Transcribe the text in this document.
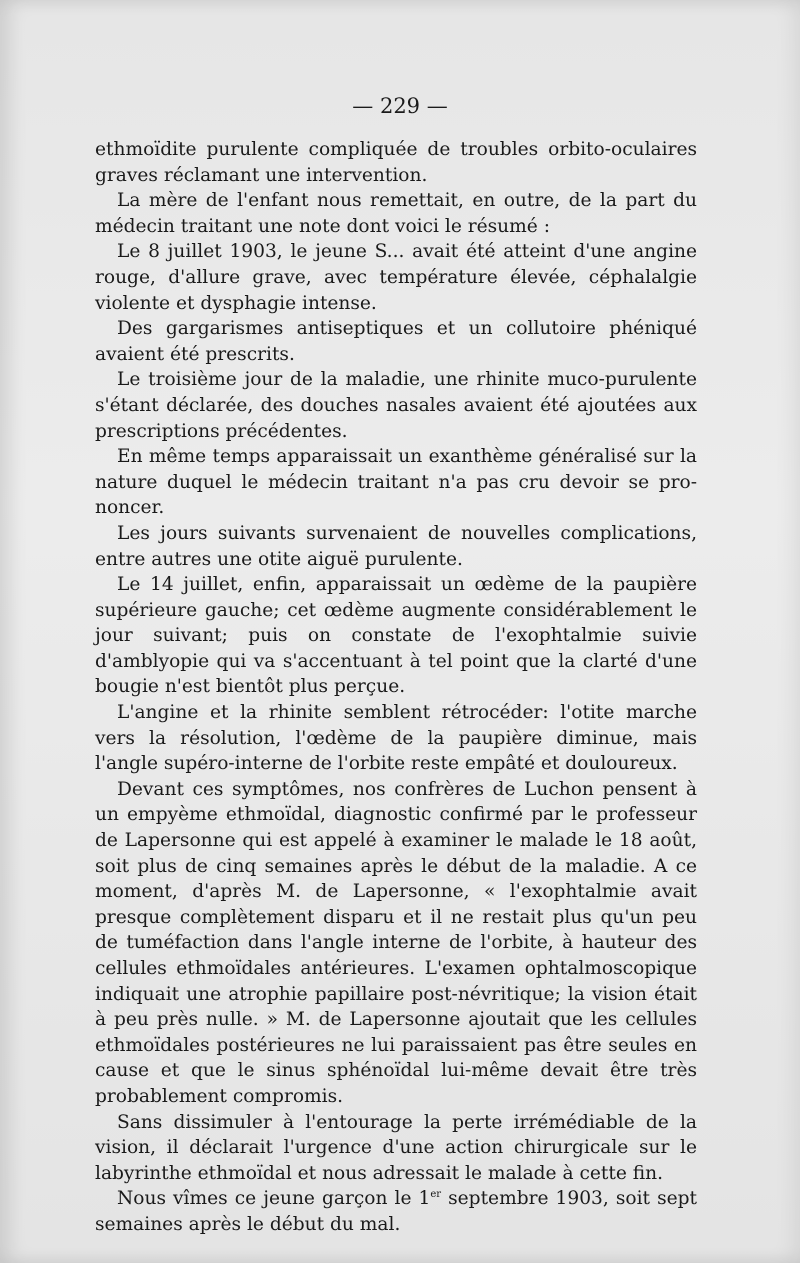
— 229 —

ethmoïdite purulente compliquée de troubles orbito-oculaires graves réclamant une intervention.

La mère de l'enfant nous remettait, en outre, de la part du médecin traitant une note dont voici le résumé :

Le 8 juillet 1903, le jeune S... avait été atteint d'une angine rouge, d'allure grave, avec température élevée, céphalalgie violente et dysphagie intense.

Des gargarismes antiseptiques et un collutoire phéniqué avaient été prescrits.

Le troisième jour de la maladie, une rhinite muco-purulente s'étant déclarée, des douches nasales avaient été ajoutées aux prescriptions précédentes.

En même temps apparaissait un exanthème généralisé sur la nature duquel le médecin traitant n'a pas cru devoir se prononcer.

Les jours suivants survenaient de nouvelles complications, entre autres une otite aiguë purulente.

Le 14 juillet, enfin, apparaissait un œdème de la paupière supérieure gauche; cet œdème augmente considérablement le jour suivant; puis on constate de l'exophtalmie suivie d'amblyopie qui va s'accentuant à tel point que la clarté d'une bougie n'est bientôt plus perçue.

L'angine et la rhinite semblent rétrocéder: l'otite marche vers la résolution, l'œdème de la paupière diminue, mais l'angle supéro-interne de l'orbite reste empâté et douloureux.

Devant ces symptômes, nos confrères de Luchon pensent à un empyème ethmoïdal, diagnostic confirmé par le professeur de Lapersonne qui est appelé à examiner le malade le 18 août, soit plus de cinq semaines après le début de la maladie. A ce moment, d'après M. de Lapersonne, « l'exophtalmie avait presque complètement disparu et il ne restait plus qu'un peu de tuméfaction dans l'angle interne de l'orbite, à hauteur des cellules ethmoïdales antérieures. L'examen ophtalmoscopique indiquait une atrophie papillaire post-névritique; la vision était à peu près nulle. » M. de Lapersonne ajoutait que les cellules ethmoïdales postérieures ne lui paraissaient pas être seules en cause et que le sinus sphénoïdal lui-même devait être très probablement compromis.

Sans dissimuler à l'entourage la perte irrémédiable de la vision, il déclarait l'urgence d'une action chirurgicale sur le labyrinthe ethmoïdal et nous adressait le malade à cette fin.

Nous vîmes ce jeune garçon le 1er septembre 1903, soit sept semaines après le début du mal.
